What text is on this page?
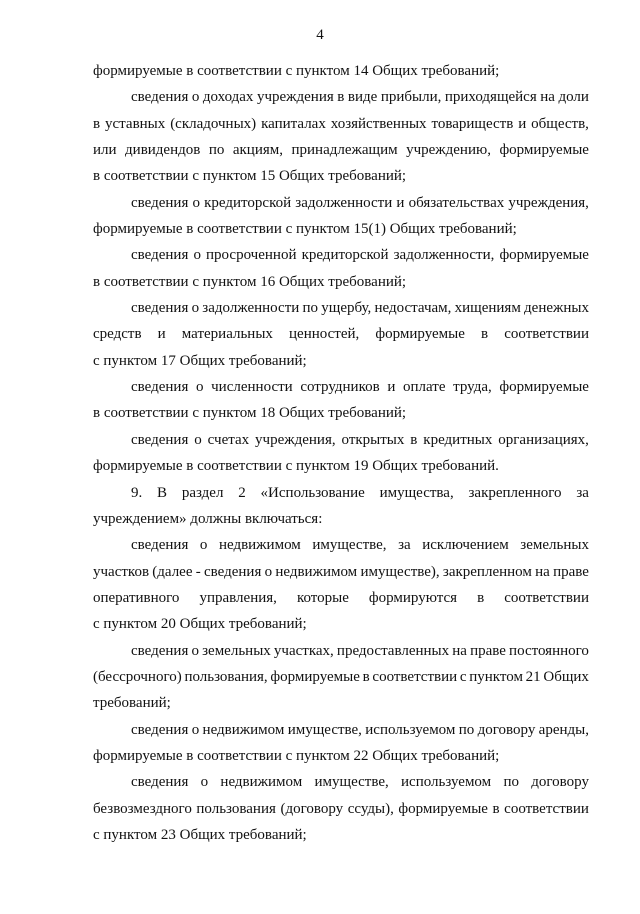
4
формируемые в соответствии с пунктом 14 Общих требований;
сведения о доходах учреждения в виде прибыли, приходящейся на доли
в уставных (складочных) капиталах хозяйственных товариществ и обществ,
или дивидендов по акциям, принадлежащим учреждению, формируемые
в соответствии с пунктом 15 Общих требований;
сведения о кредиторской задолженности и обязательствах учреждения,
формируемые в соответствии с пунктом 15(1) Общих требований;
сведения о просроченной кредиторской задолженности, формируемые
в соответствии с пунктом 16 Общих требований;
сведения о задолженности по ущербу, недостачам, хищениям денежных
средств и материальных ценностей, формируемые в соответствии
с пунктом 17 Общих требований;
сведения о численности сотрудников и оплате труда, формируемые
в соответствии с пунктом 18 Общих требований;
сведения о счетах учреждения, открытых в кредитных организациях,
формируемые в соответствии с пунктом 19 Общих требований.
9. В раздел 2 «Использование имущества, закрепленного за
учреждением» должны включаться:
сведения о недвижимом имуществе, за исключением земельных
участков (далее - сведения о недвижимом имуществе), закрепленном на праве
оперативного управления, которые формируются в соответствии
с пунктом 20 Общих требований;
сведения о земельных участках, предоставленных на праве постоянного
(бессрочного) пользования, формируемые в соответствии с пунктом 21 Общих
требований;
сведения о недвижимом имуществе, используемом по договору аренды,
формируемые в соответствии с пунктом 22 Общих требований;
сведения о недвижимом имуществе, используемом по договору
безвозмездного пользования (договору ссуды), формируемые в соответствии
с пунктом 23 Общих требований;
